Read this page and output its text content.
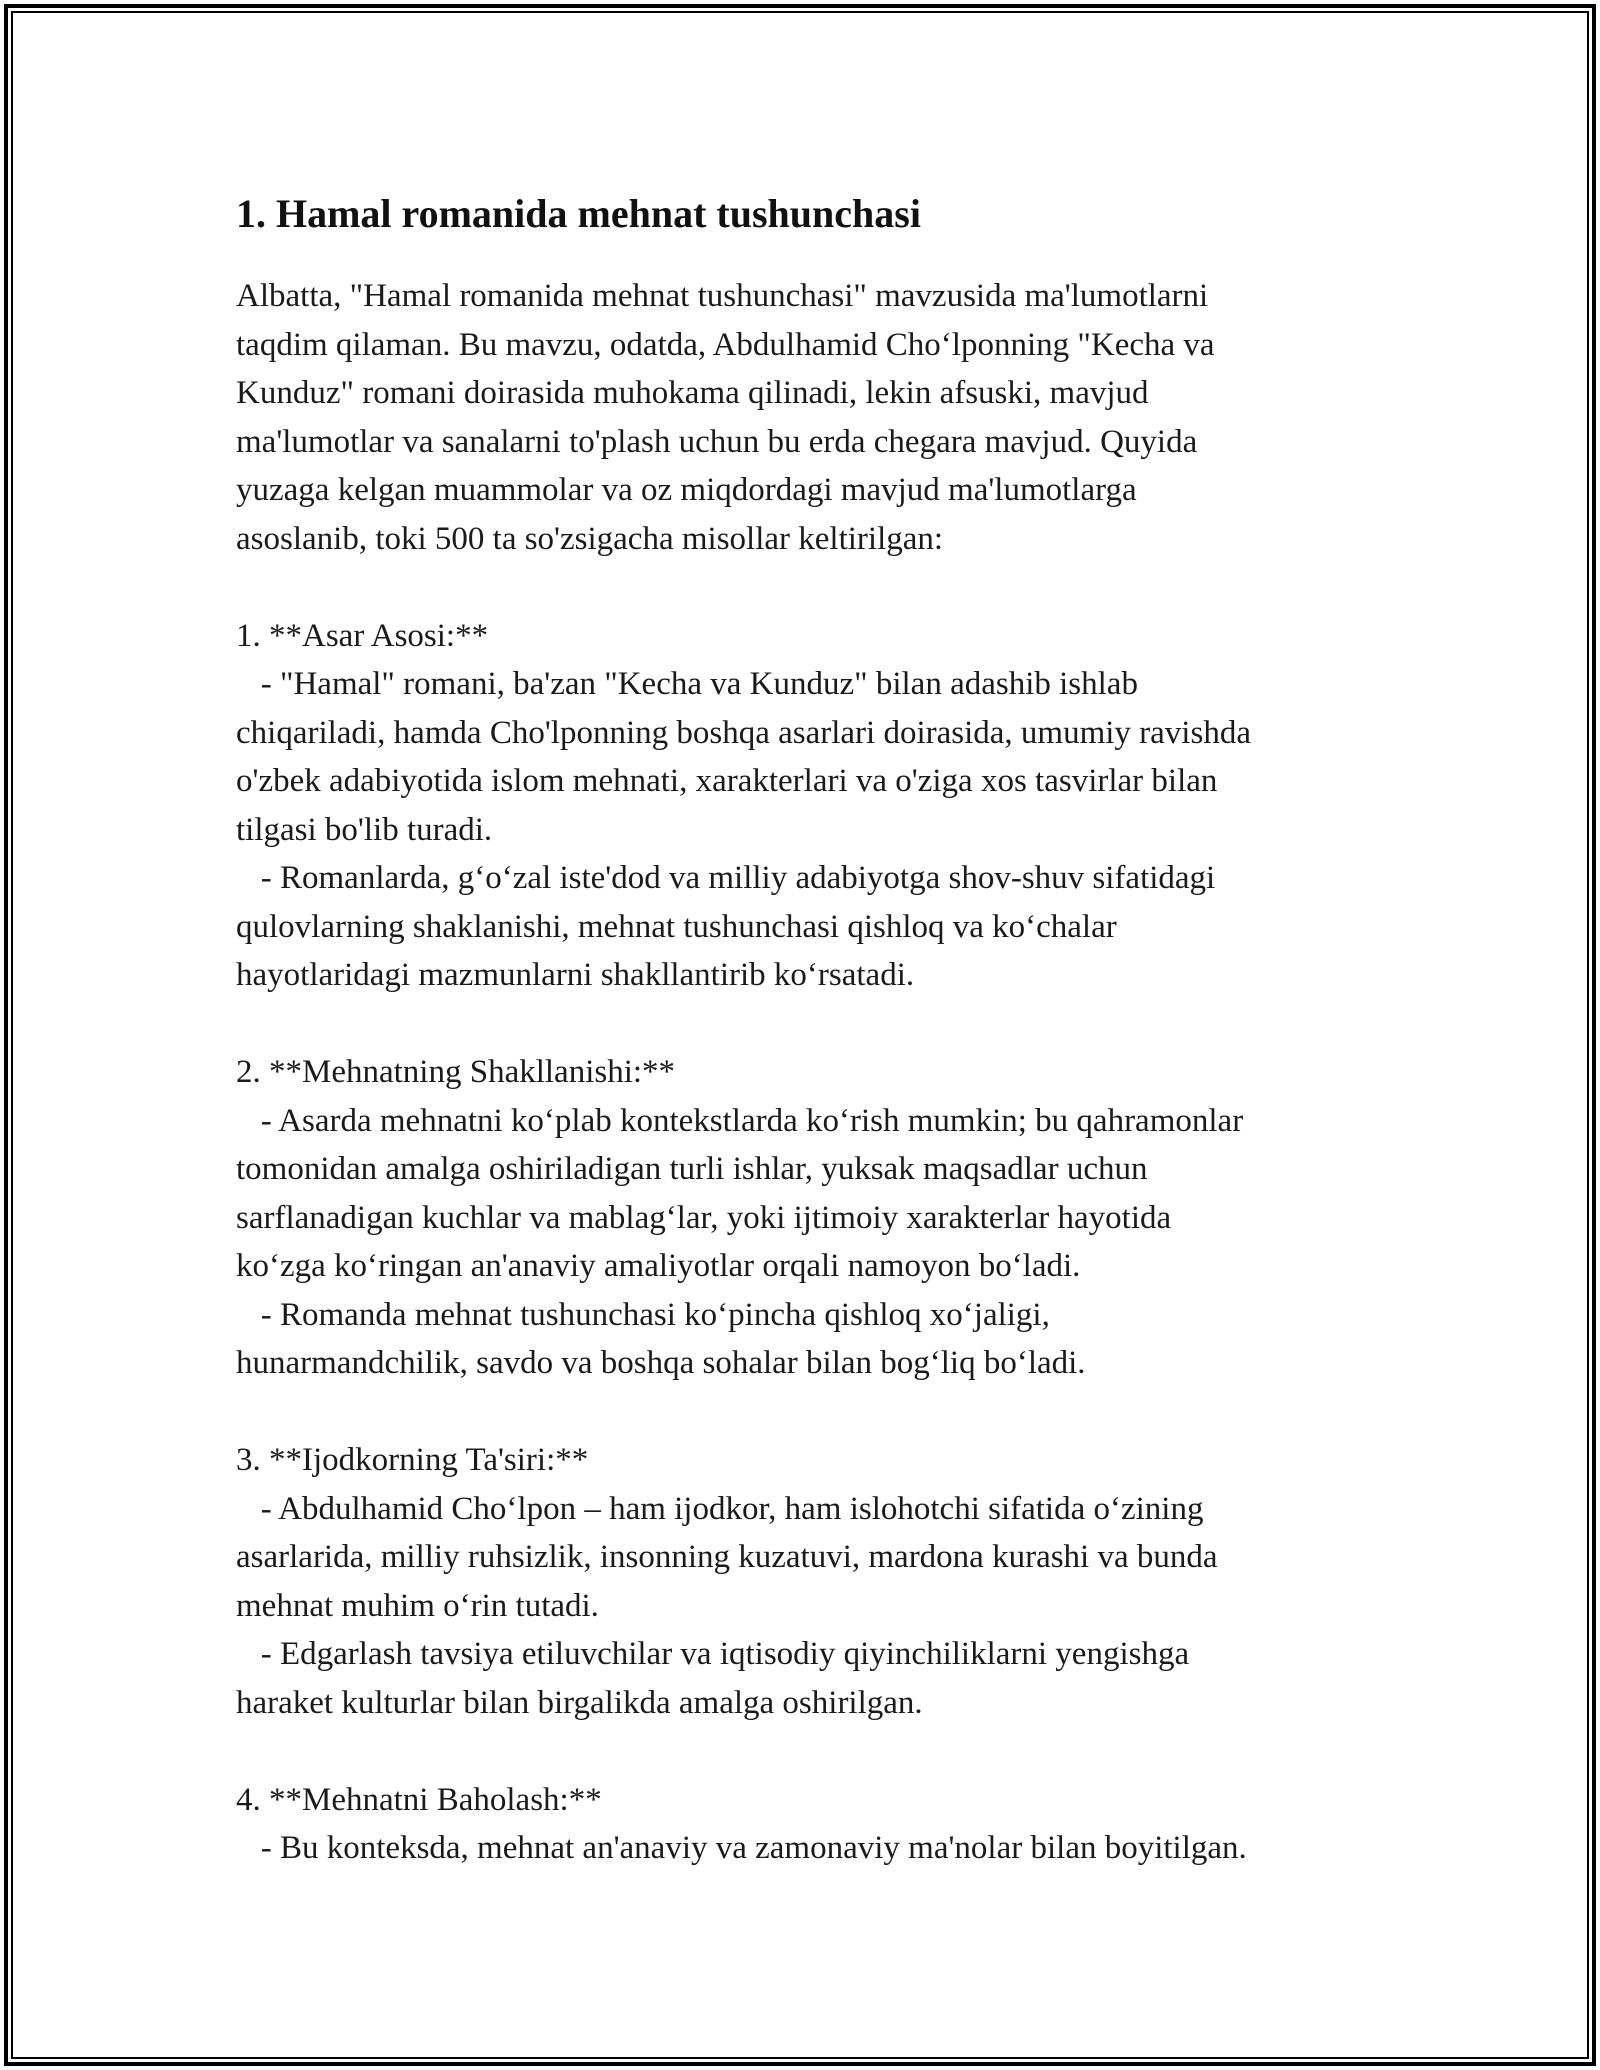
1. Hamal romanida mehnat tushunchasi
Albatta, "Hamal romanida mehnat tushunchasi" mavzusida ma'lumotlarni
taqdim qilaman. Bu mavzu, odatda, Abdulhamid Cho‘lponning "Kecha va
Kunduz" romani doirasida muhokama qilinadi, lekin afsuski, mavjud
ma'lumotlar va sanalarni to'plash uchun bu erda chegara mavjud. Quyida
yuzaga kelgan muammolar va oz miqdordagi mavjud ma'lumotlarga
asoslanib, toki 500 ta so'zsigacha misollar keltirilgan:
1. **Asar Asosi:**
- "Hamal" romani, ba'zan "Kecha va Kunduz" bilan adashib ishlab
chiqariladi, hamda Cho'lponning boshqa asarlari doirasida, umumiy ravishda
o'zbek adabiyotida islom mehnati, xarakterlari va o'ziga xos tasvirlar bilan
tilgasi bo'lib turadi.
- Romanlarda, g‘o‘zal iste'dod va milliy adabiyotga shov-shuv sifatidagi
qulovlarning shaklanishi, mehnat tushunchasi qishloq va ko‘chalar
hayotlaridagi mazmunlarni shakllantirib ko‘rsatadi.
2. **Mehnatning Shakllanishi:**
- Asarda mehnatni ko‘plab kontekstlarda ko‘rish mumkin; bu qahramonlar
tomonidan amalga oshiriladigan turli ishlar, yuksak maqsadlar uchun
sarflanadigan kuchlar va mablag‘lar, yoki ijtimoiy xarakterlar hayotida
ko‘zga ko‘ringan an'anaviy amaliyotlar orqali namoyon bo‘ladi.
- Romanda mehnat tushunchasi ko‘pincha qishloq xo‘jaligi,
hunarmandchilik, savdo va boshqa sohalar bilan bog‘liq bo‘ladi.
3. **Ijodkorning Ta'siri:**
- Abdulhamid Cho‘lpon – ham ijodkor, ham islohotchi sifatida o‘zining
asarlarida, milliy ruhsizlik, insonning kuzatuvi, mardona kurashi va bunda
mehnat muhim o‘rin tutadi.
- Edgarlash tavsiya etiluvchilar va iqtisodiy qiyinchiliklarni yengishga
haraket kulturlar bilan birgalikda amalga oshirilgan.
4. **Mehnatni Baholash:**
- Bu konteksda, mehnat an'anaviy va zamonaviy ma'nolar bilan boyitilgan.
